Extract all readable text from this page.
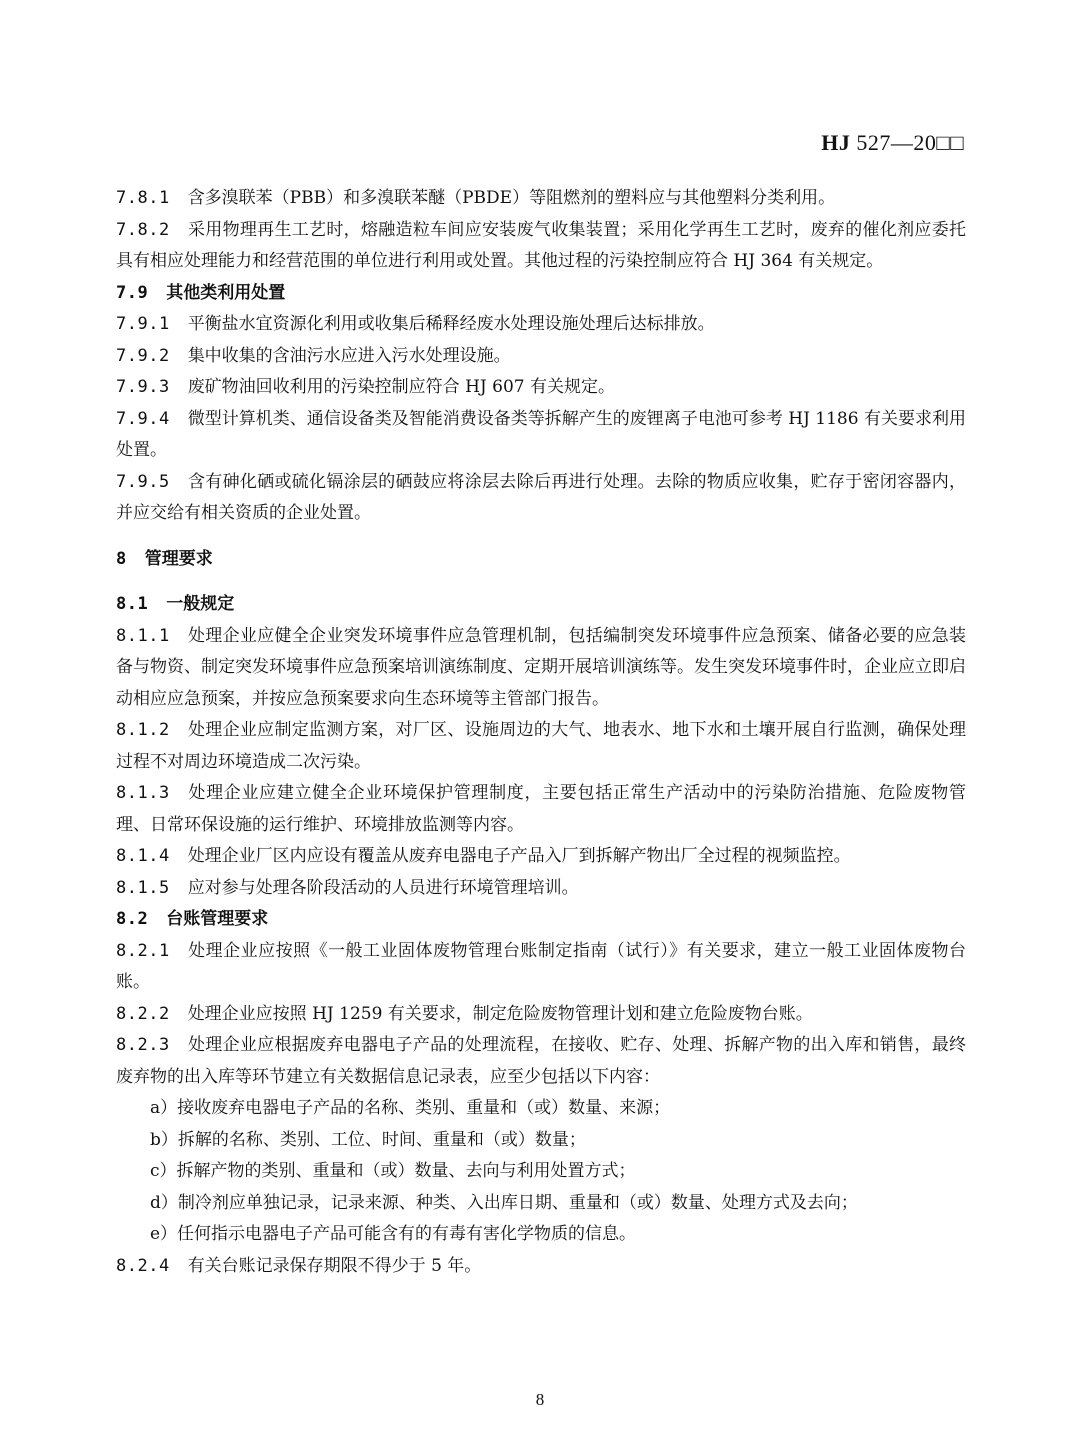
HJ 527—20□□

7.8.1 含多溴联苯（PBB）和多溴联苯醚（PBDE）等阻燃剂的塑料应与其他塑料分类利用。

7.8.2 采用物理再生工艺时，熔融造粒车间应安装废气收集装置；采用化学再生工艺时，废弃的催化剂应委托具有相应处理能力和经营范围的单位进行利用或处置。其他过程的污染控制应符合 HJ 364 有关规定。

7.9 其他类利用处置

7.9.1 平衡盐水宜资源化利用或收集后稀释经废水处理设施处理后达标排放。

7.9.2 集中收集的含油污水应进入污水处理设施。

7.9.3 废矿物油回收利用的污染控制应符合 HJ 607 有关规定。

7.9.4 微型计算机类、通信设备类及智能消费设备类等拆解产生的废锂离子电池可参考 HJ 1186 有关要求利用处置。

7.9.5 含有砷化硒或硫化镉涂层的硒鼓应将涂层去除后再进行处理。去除的物质应收集，贮存于密闭容器内，并应交给有相关资质的企业处置。

8 管理要求

8.1 一般规定

8.1.1 处理企业应健全企业突发环境事件应急管理机制，包括编制突发环境事件应急预案、储备必要的应急装备与物资、制定突发环境事件应急预案培训演练制度、定期开展培训演练等。发生突发环境事件时，企业应立即启动相应应急预案，并按应急预案要求向生态环境等主管部门报告。

8.1.2 处理企业应制定监测方案，对厂区、设施周边的大气、地表水、地下水和土壤开展自行监测，确保处理过程不对周边环境造成二次污染。

8.1.3 处理企业应建立健全企业环境保护管理制度，主要包括正常生产活动中的污染防治措施、危险废物管理、日常环保设施的运行维护、环境排放监测等内容。

8.1.4 处理企业厂区内应设有覆盖从废弃电器电子产品入厂到拆解产物出厂全过程的视频监控。

8.1.5 应对参与处理各阶段活动的人员进行环境管理培训。

8.2 台账管理要求

8.2.1 处理企业应按照《一般工业固体废物管理台账制定指南（试行）》有关要求，建立一般工业固体废物台账。

8.2.2 处理企业应按照 HJ 1259 有关要求，制定危险废物管理计划和建立危险废物台账。

8.2.3 处理企业应根据废弃电器电子产品的处理流程，在接收、贮存、处理、拆解产物的出入库和销售，最终废弃物的出入库等环节建立有关数据信息记录表，应至少包括以下内容：

a）接收废弃电器电子产品的名称、类别、重量和（或）数量、来源；

b）拆解的名称、类别、工位、时间、重量和（或）数量；

c）拆解产物的类别、重量和（或）数量、去向与利用处置方式；

d）制冷剂应单独记录，记录来源、种类、入出库日期、重量和（或）数量、处理方式及去向；

e）任何指示电器电子产品可能含有的有毒有害化学物质的信息。

8.2.4 有关台账记录保存期限不得少于 5 年。

8
